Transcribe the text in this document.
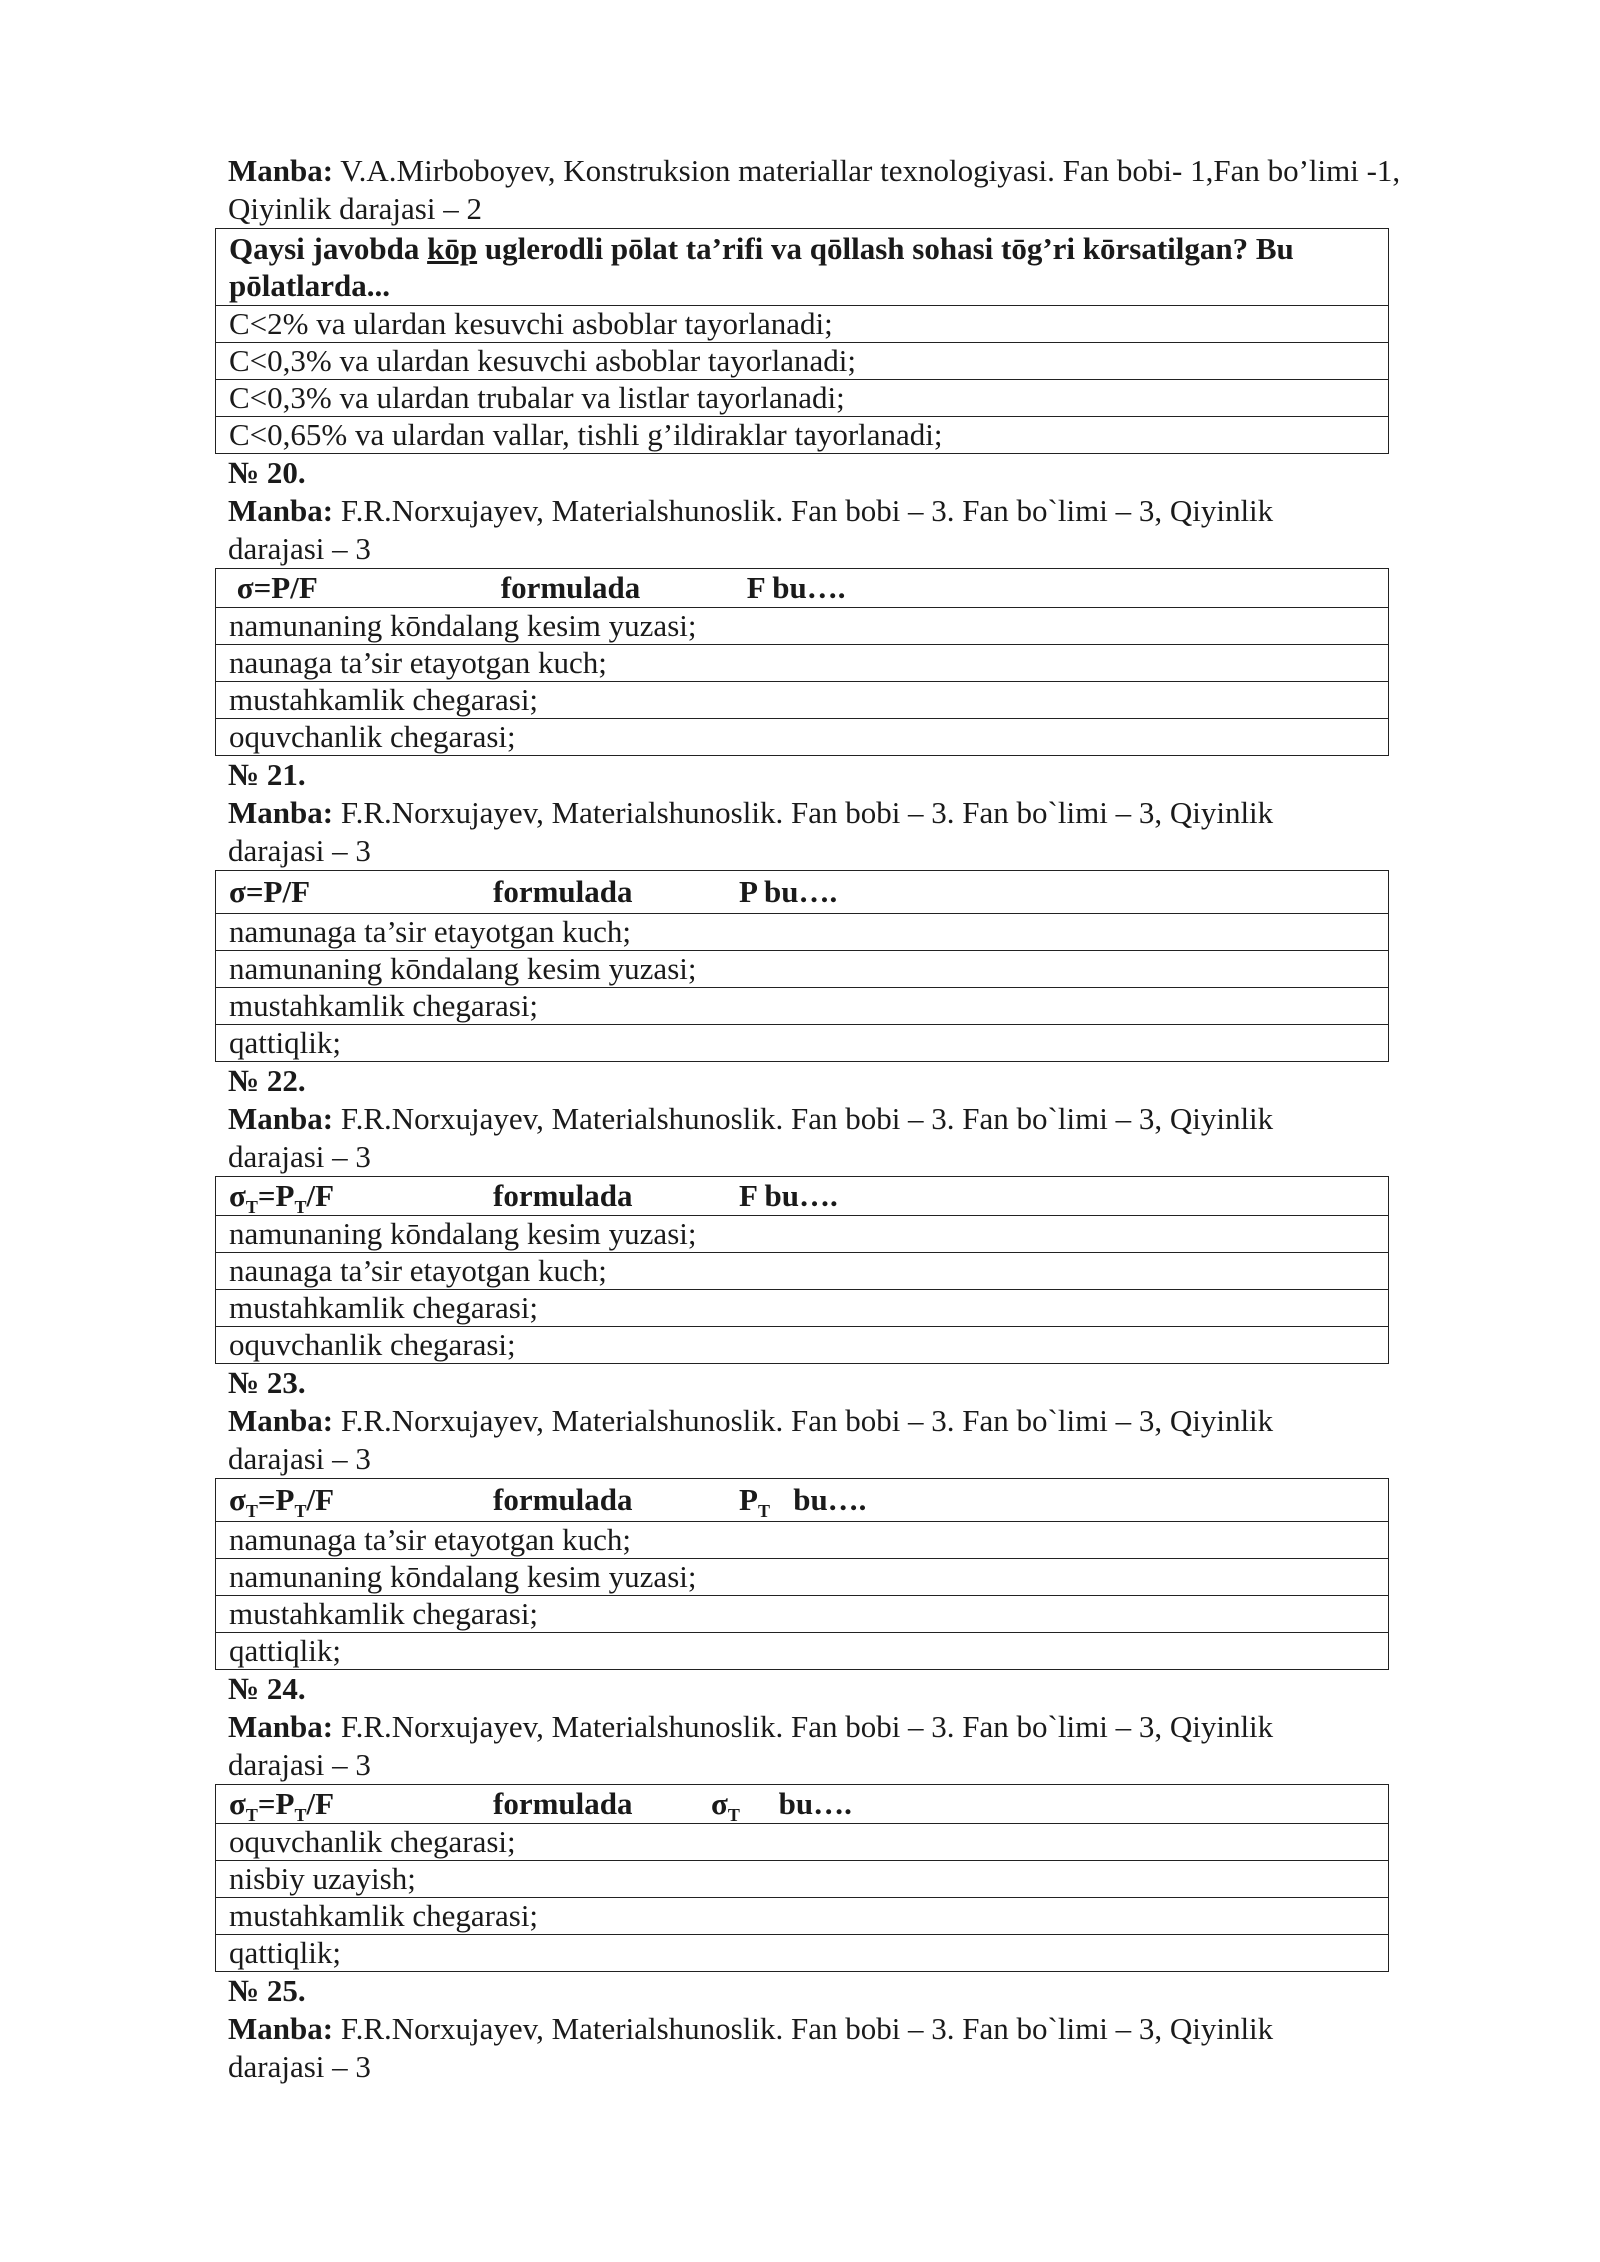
Manba: V.A.Mirboboyev, Konstruksion materiallar texnologiyasi. Fan bobi- 1,Fan bo’limi -1,
Qiyinlik darajasi – 2
Qaysi javobda kōp uglerodli pōlat ta’rifi va qōllash sohasi tōg’ri kōrsatilgan? Bu pōlatlarda...
C<2% va ulardan kesuvchi asboblar tayorlanadi;
C<0,3% va ulardan kesuvchi asboblar tayorlanadi;
C<0,3% va ulardan trubalar va listlar tayorlanadi;
C<0,65% va ulardan vallar, tishli g’ildiraklar tayorlanadi;
№ 20.
Manba: F.R.Norxujayev, Materialshunoslik. Fan bobi – 3. Fan bo`limi – 3, Qiyinlik
darajasi – 3
σ=P/F	formulada	F bu….
namunaning kōndalang kesim yuzasi;
naunaga ta’sir etayotgan kuch;
mustahkamlik chegarasi;
oquvchanlik chegarasi;
№ 21.
Manba: F.R.Norxujayev, Materialshunoslik. Fan bobi – 3. Fan bo`limi – 3, Qiyinlik
darajasi – 3
σ=P/F	formulada	P bu….
namunaga ta’sir etayotgan kuch;
namunaning kōndalang kesim yuzasi;
mustahkamlik chegarasi;
qattiqlik;
№ 22.
Manba: F.R.Norxujayev, Materialshunoslik. Fan bobi – 3. Fan bo`limi – 3, Qiyinlik
darajasi – 3
$\sigma_T=P_T/F$	formulada	F bu….
namunaning kōndalang kesim yuzasi;
naunaga ta’sir etayotgan kuch;
mustahkamlik chegarasi;
oquvchanlik chegarasi;
№ 23.
Manba: F.R.Norxujayev, Materialshunoslik. Fan bobi – 3. Fan bo`limi – 3, Qiyinlik
darajasi – 3
$\sigma_T=P_T/F$	formulada	$P_T$   bu….
namunaga ta’sir etayotgan kuch;
namunaning kōndalang kesim yuzasi;
mustahkamlik chegarasi;
qattiqlik;
№ 24.
Manba: F.R.Norxujayev, Materialshunoslik. Fan bobi – 3. Fan bo`limi – 3, Qiyinlik
darajasi – 3
$\sigma_T=P_T/F$	formulada	$\sigma_T$     bu….
oquvchanlik chegarasi;
nisbiy uzayish;
mustahkamlik chegarasi;
qattiqlik;
№ 25.
Manba: F.R.Norxujayev, Materialshunoslik. Fan bobi – 3. Fan bo`limi – 3, Qiyinlik
darajasi – 3
